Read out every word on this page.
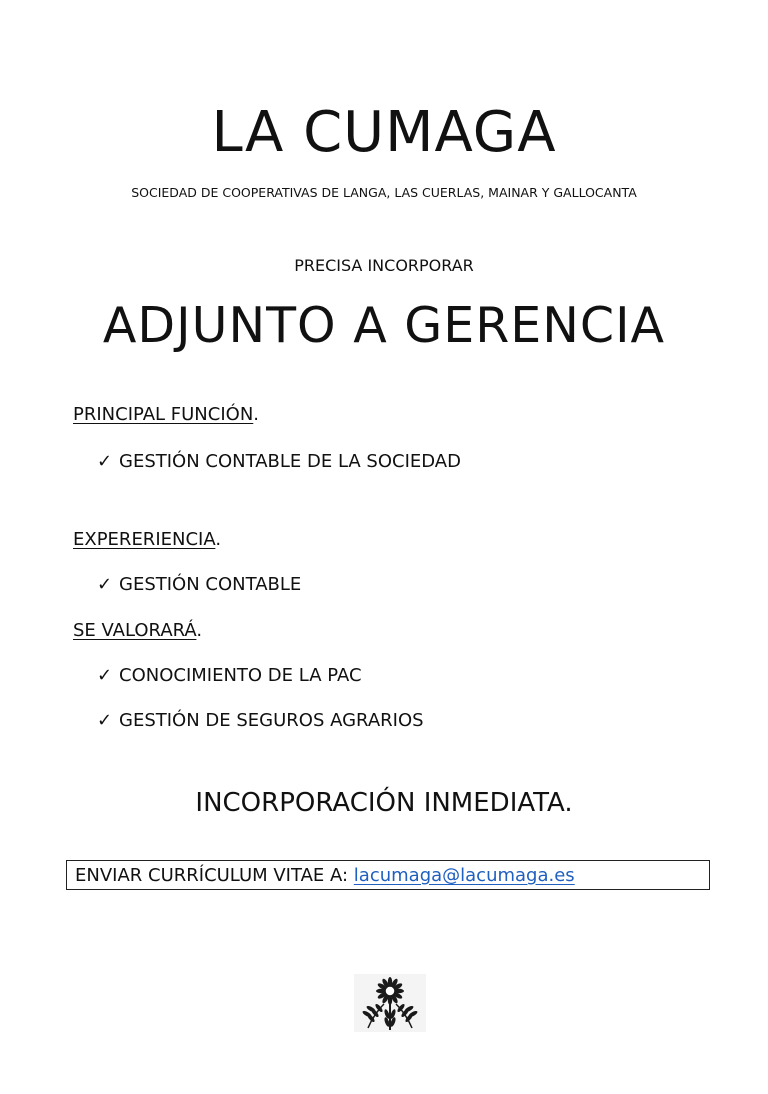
LA CUMAGA
SOCIEDAD DE COOPERATIVAS DE LANGA, LAS CUERLAS, MAINAR Y GALLOCANTA
PRECISA INCORPORAR
ADJUNTO A GERENCIA
PRINCIPAL FUNCIÓN.
✓ GESTIÓN CONTABLE DE LA SOCIEDAD
EXPERERIENCIA.
✓ GESTIÓN CONTABLE
SE VALORARÁ.
✓ CONOCIMIENTO DE LA PAC
✓ GESTIÓN DE SEGUROS AGRARIOS
INCORPORACIÓN INMEDIATA.
ENVIAR CURRÍCULUM VITAE A: lacumaga@lacumaga.es
